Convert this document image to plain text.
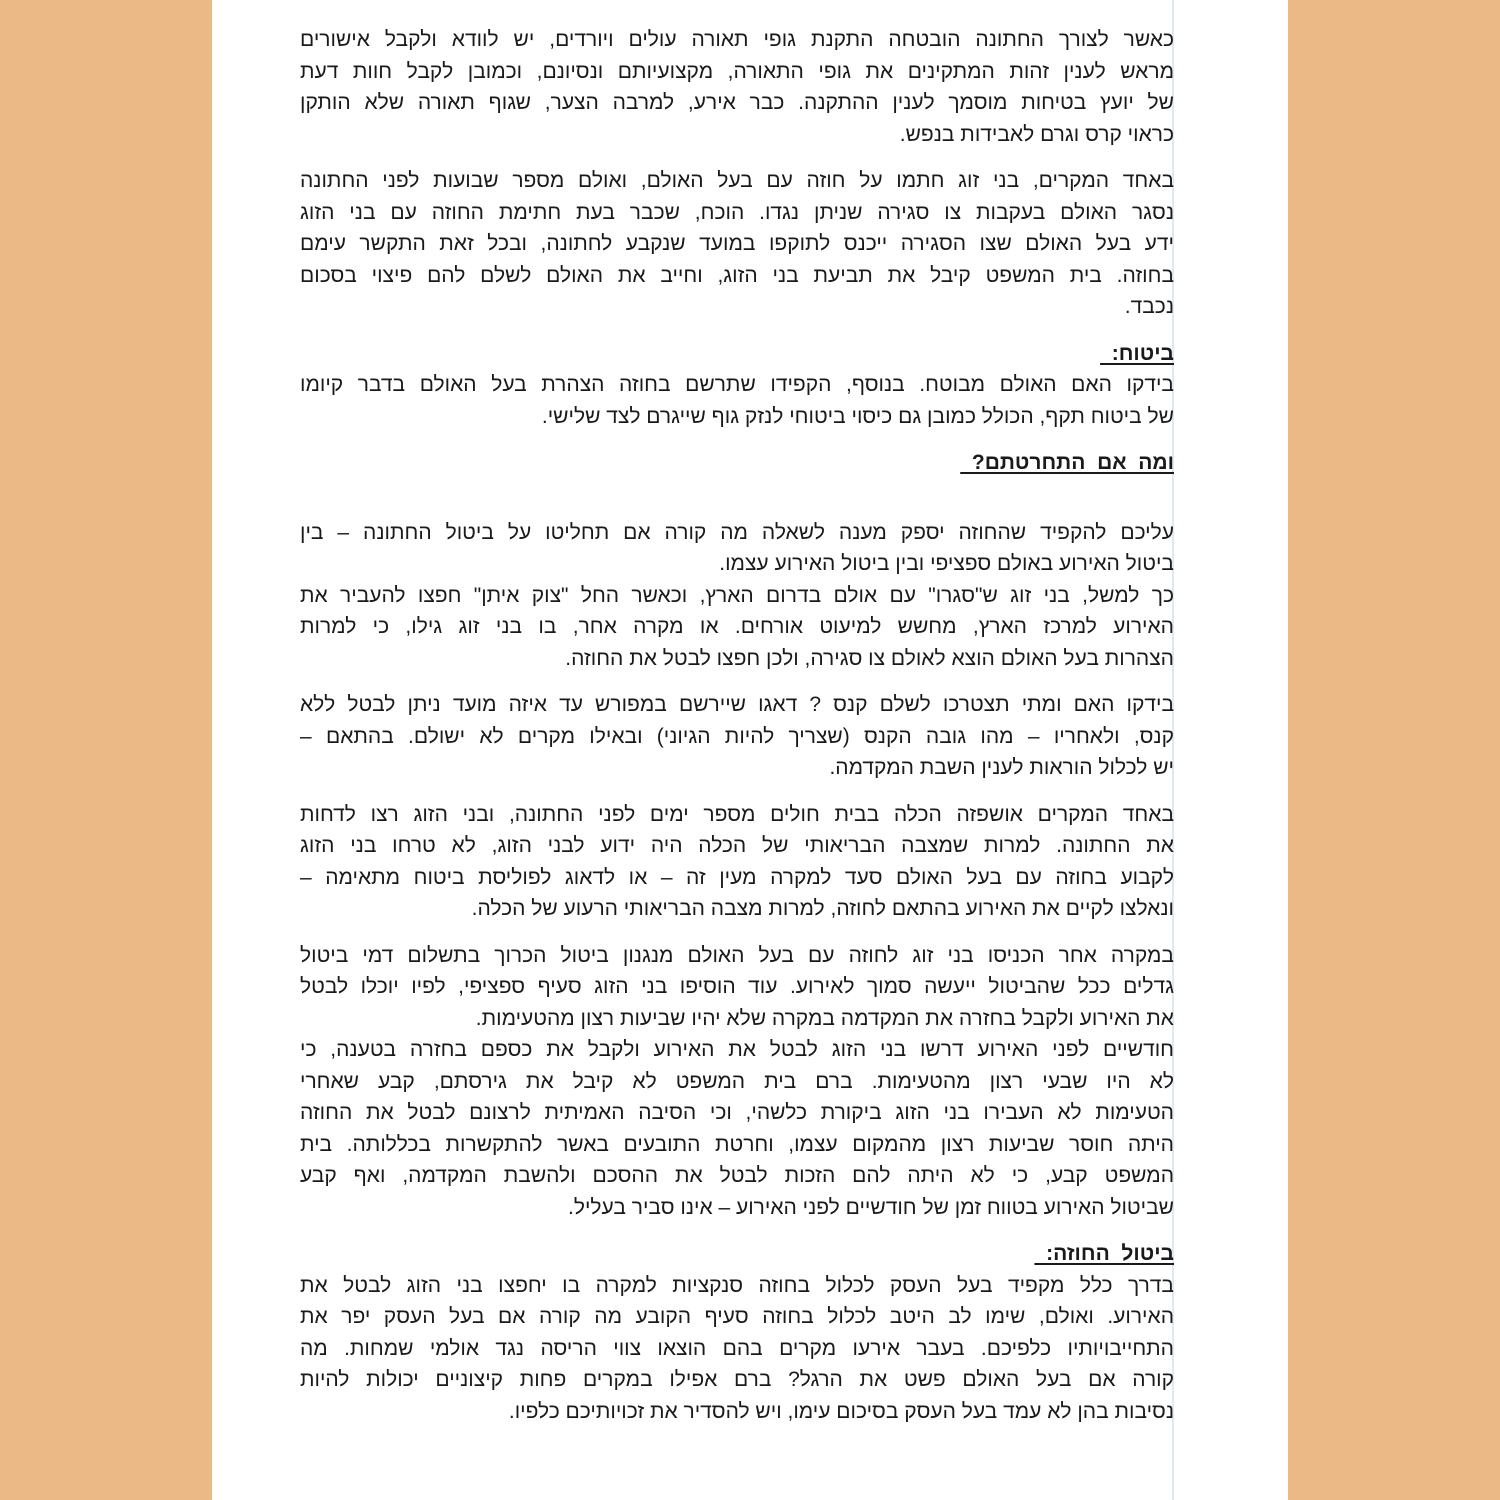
כאשר לצורך החתונה הובטחה התקנת גופי תאורה עולים ויורדים, יש לוודא ולקבל אישורים
מראש לענין זהות המתקינים את גופי התאורה, מקצועיותם ונסיונם, וכמובן לקבל חוות דעת
של יועץ בטיחות מוסמך לענין ההתקנה. כבר אירע, למרבה הצער, שגוף תאורה שלא הותקן
כראוי קרס וגרם לאבידות בנפש.
באחד המקרים, בני זוג חתמו על חוזה עם בעל האולם, ואולם מספר שבועות לפני החתונה
נסגר האולם בעקבות צו סגירה שניתן נגדו. הוכח, שכבר בעת חתימת החוזה עם בני הזוג
ידע בעל האולם שצו הסגירה ייכנס לתוקפו במועד שנקבע לחתונה, ובכל זאת התקשר עימם
בחוזה. בית המשפט קיבל את תביעת בני הזוג, וחייב את האולם לשלם להם פיצוי בסכום
נכבד.
ביטוח:
בידקו האם האולם מבוטח. בנוסף, הקפידו שתרשם בחוזה הצהרת בעל האולם בדבר קיומו
של ביטוח תקף, הכולל כמובן גם כיסוי ביטוחי לנזק גוף שייגרם לצד שלישי.
ומה  אם  התחרטתם?
עליכם להקפיד שהחוזה יספק מענה לשאלה מה קורה אם תחליטו על ביטול החתונה – בין
ביטול האירוע באולם ספציפי ובין ביטול האירוע עצמו.
כך למשל, בני זוג ש"סגרו" עם אולם בדרום הארץ, וכאשר החל "צוק איתן" חפצו להעביר את
האירוע למרכז הארץ, מחשש למיעוט אורחים. או מקרה אחר, בו בני זוג גילו, כי למרות
הצהרות בעל האולם הוצא לאולם צו סגירה, ולכן חפצו לבטל את החוזה.
בידקו האם ומתי תצטרכו לשלם קנס ? דאגו שיירשם במפורש עד איזה מועד ניתן לבטל ללא
קנס, ולאחריו – מהו גובה הקנס (שצריך להיות הגיוני) ובאילו מקרים לא ישולם. בהתאם –
יש לכלול הוראות לענין השבת המקדמה.
באחד המקרים אושפזה הכלה בבית חולים מספר ימים לפני החתונה, ובני הזוג רצו לדחות
את החתונה. למרות שמצבה הבריאותי של הכלה היה ידוע לבני הזוג, לא טרחו בני הזוג
לקבוע בחוזה עם בעל האולם סעד למקרה מעין זה – או לדאוג לפוליסת ביטוח מתאימה –
ונאלצו לקיים את האירוע בהתאם לחוזה, למרות מצבה הבריאותי הרעוע של הכלה.
במקרה אחר הכניסו בני זוג לחוזה עם בעל האולם מנגנון ביטול הכרוך בתשלום דמי ביטול
גדלים ככל שהביטול ייעשה סמוך לאירוע. עוד הוסיפו בני הזוג סעיף ספציפי, לפיו יוכלו לבטל
את האירוע ולקבל בחזרה את המקדמה במקרה שלא יהיו שביעות רצון מהטעימות.
חודשיים לפני האירוע דרשו בני הזוג לבטל את האירוע ולקבל את כספם בחזרה בטענה, כי
לא היו שבעי רצון מהטעימות. ברם בית המשפט לא קיבל את גירסתם, קבע שאחרי
הטעימות לא העבירו בני הזוג ביקורת כלשהי, וכי הסיבה האמיתית לרצונם לבטל את החוזה
היתה חוסר שביעות רצון מהמקום עצמו, וחרטת התובעים באשר להתקשרות בכללותה. בית
המשפט קבע, כי לא היתה להם הזכות לבטל את ההסכם ולהשבת המקדמה, ואף קבע
שביטול האירוע בטווח זמן של חודשיים לפני האירוע – אינו סביר בעליל.
ביטול  החוזה:
בדרך כלל מקפיד בעל העסק לכלול בחוזה סנקציות למקרה בו יחפצו בני הזוג לבטל את
האירוע. ואולם, שימו לב היטב לכלול בחוזה סעיף הקובע מה קורה אם בעל העסק יפר את
התחייבויותיו כלפיכם. בעבר אירעו מקרים בהם הוצאו צווי הריסה נגד אולמי שמחות. מה
קורה אם בעל האולם פשט את הרגל? ברם אפילו במקרים פחות קיצוניים יכולות להיות
נסיבות בהן לא עמד בעל העסק בסיכום עימו, ויש להסדיר את זכויותיכם כלפיו.
